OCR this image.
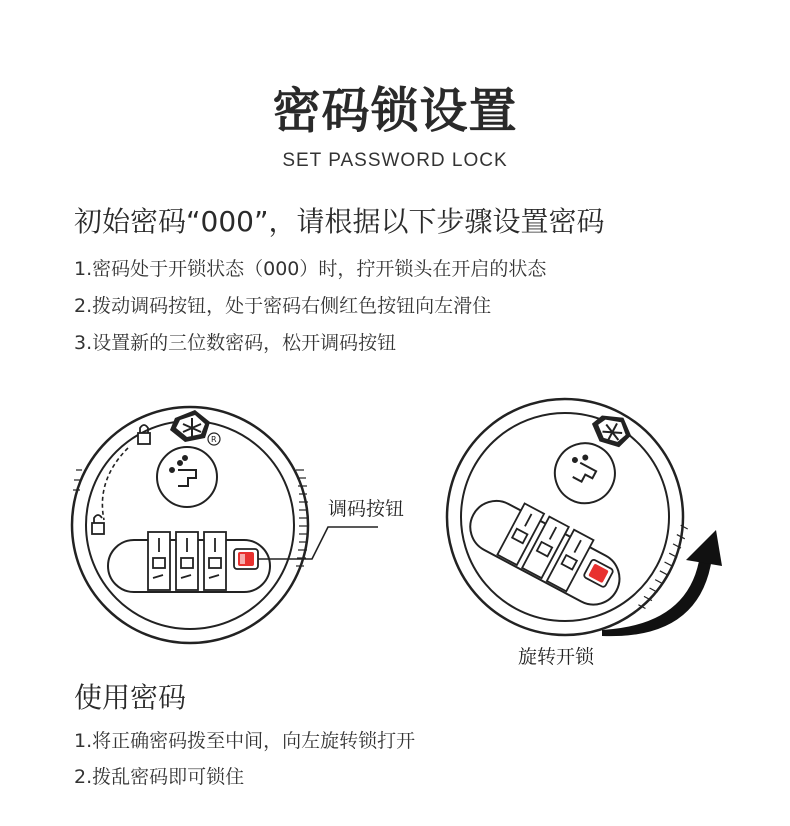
密码锁设置
SET PASSWORD LOCK
初始密码“000”，请根据以下步骤设置密码
1.密码处于开锁状态（000）时，拧开锁头在开启的状态
2.拨动调码按钮，处于密码右侧红色按钮向左滑住
3.设置新的三位数密码，松开调码按钮
R
调码按钮
旋转开锁
使用密码
1.将正确密码拨至中间，向左旋转锁打开
2.拨乱密码即可锁住
